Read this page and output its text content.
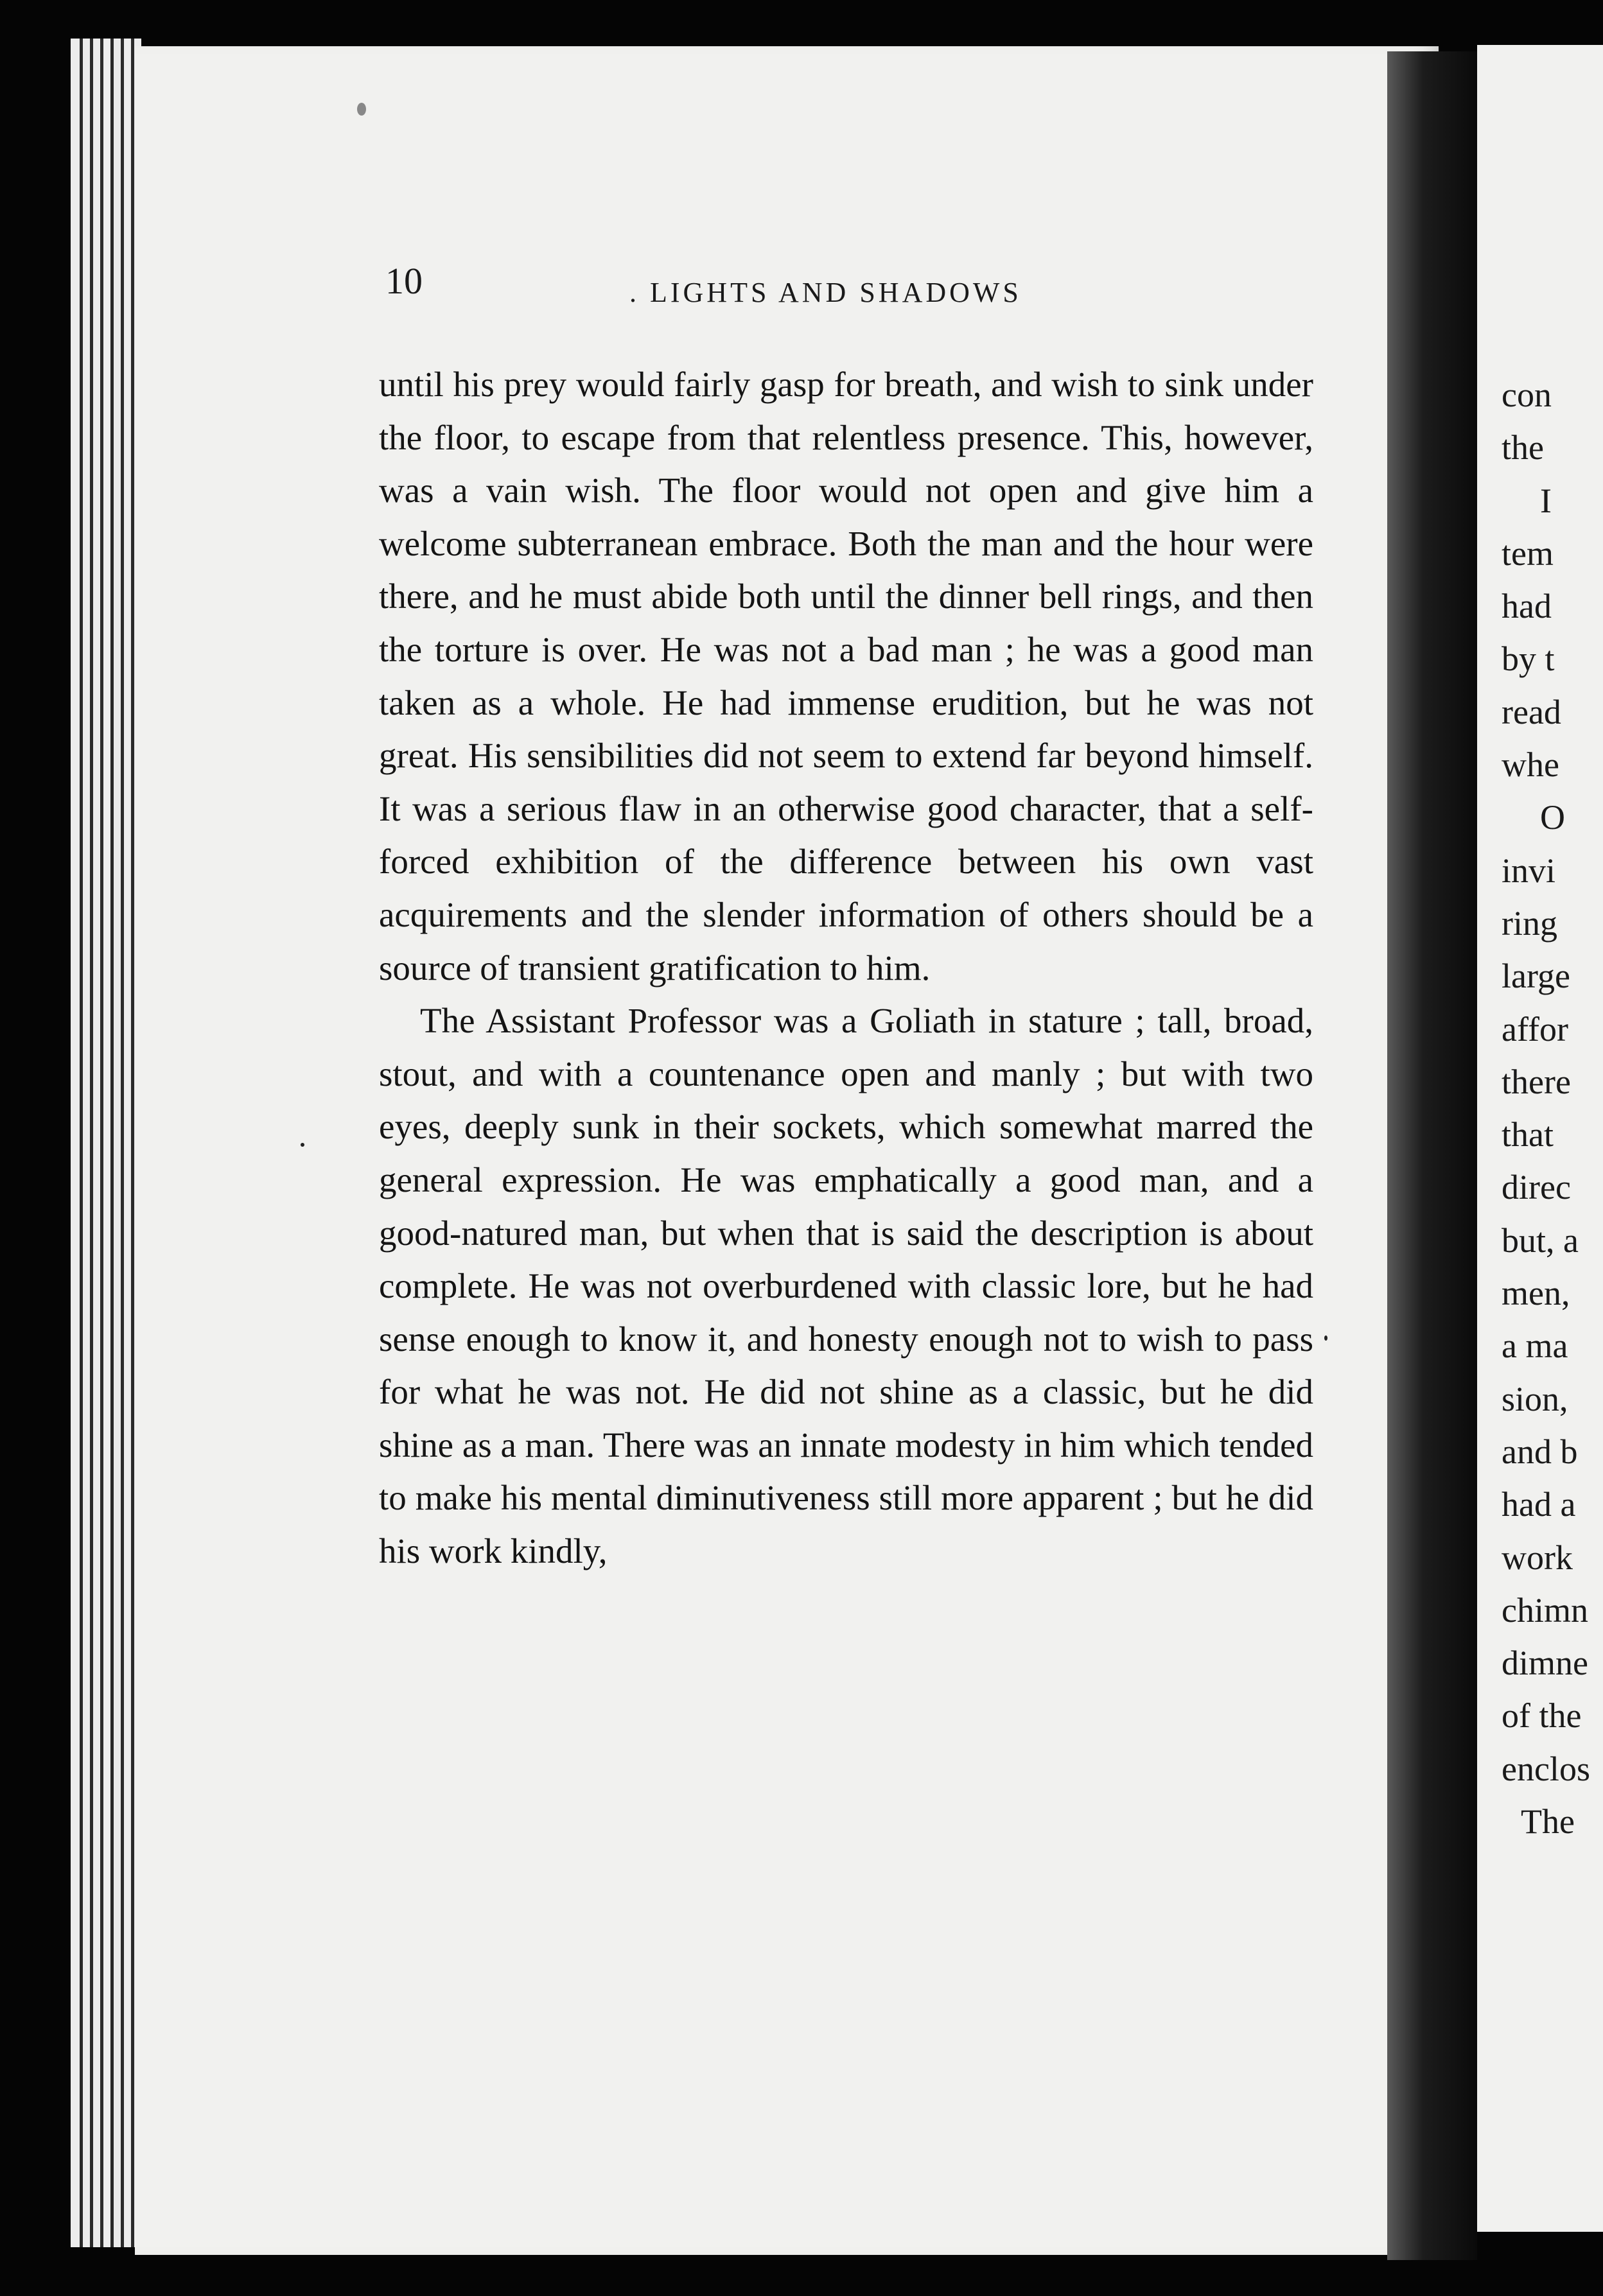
con
the
I
tem
had
by t
read
whe
O
invi
ring
large
affor
there
that
direc
but, a
men,
a ma
sion,
and b
had a
work
chimn
dimne
of the
enclos
The
10	. LIGHTS AND SHADOWS

until his prey would fairly gasp for breath, and wish to sink under the floor, to escape from that relentless presence. This, however, was a vain wish. The floor would not open and give him a welcome subterranean embrace. Both the man and the hour were there, and he must abide both until the dinner bell rings, and then the torture is over. He was not a bad man ; he was a good man taken as a whole. He had immense erudition, but he was not great. His sensibilities did not seem to extend far beyond himself. It was a serious flaw in an otherwise good character, that a self-forced exhibition of the difference between his own vast acquirements and the slender information of others should be a source of transient gratification to him.

The Assistant Professor was a Goliath in stature ; tall, broad, stout, and with a countenance open and manly ; but with two eyes, deeply sunk in their sockets, which somewhat marred the general expression. He was emphatically a good man, and a good-natured man, but when that is said the description is about complete. He was not overburdened with classic lore, but he had sense enough to know it, and honesty enough not to wish to pass for what he was not. He did not shine as a classic, but he did shine as a man. There was an innate modesty in him which tended to make his mental diminutiveness still more apparent ; but he did his work kindly,
